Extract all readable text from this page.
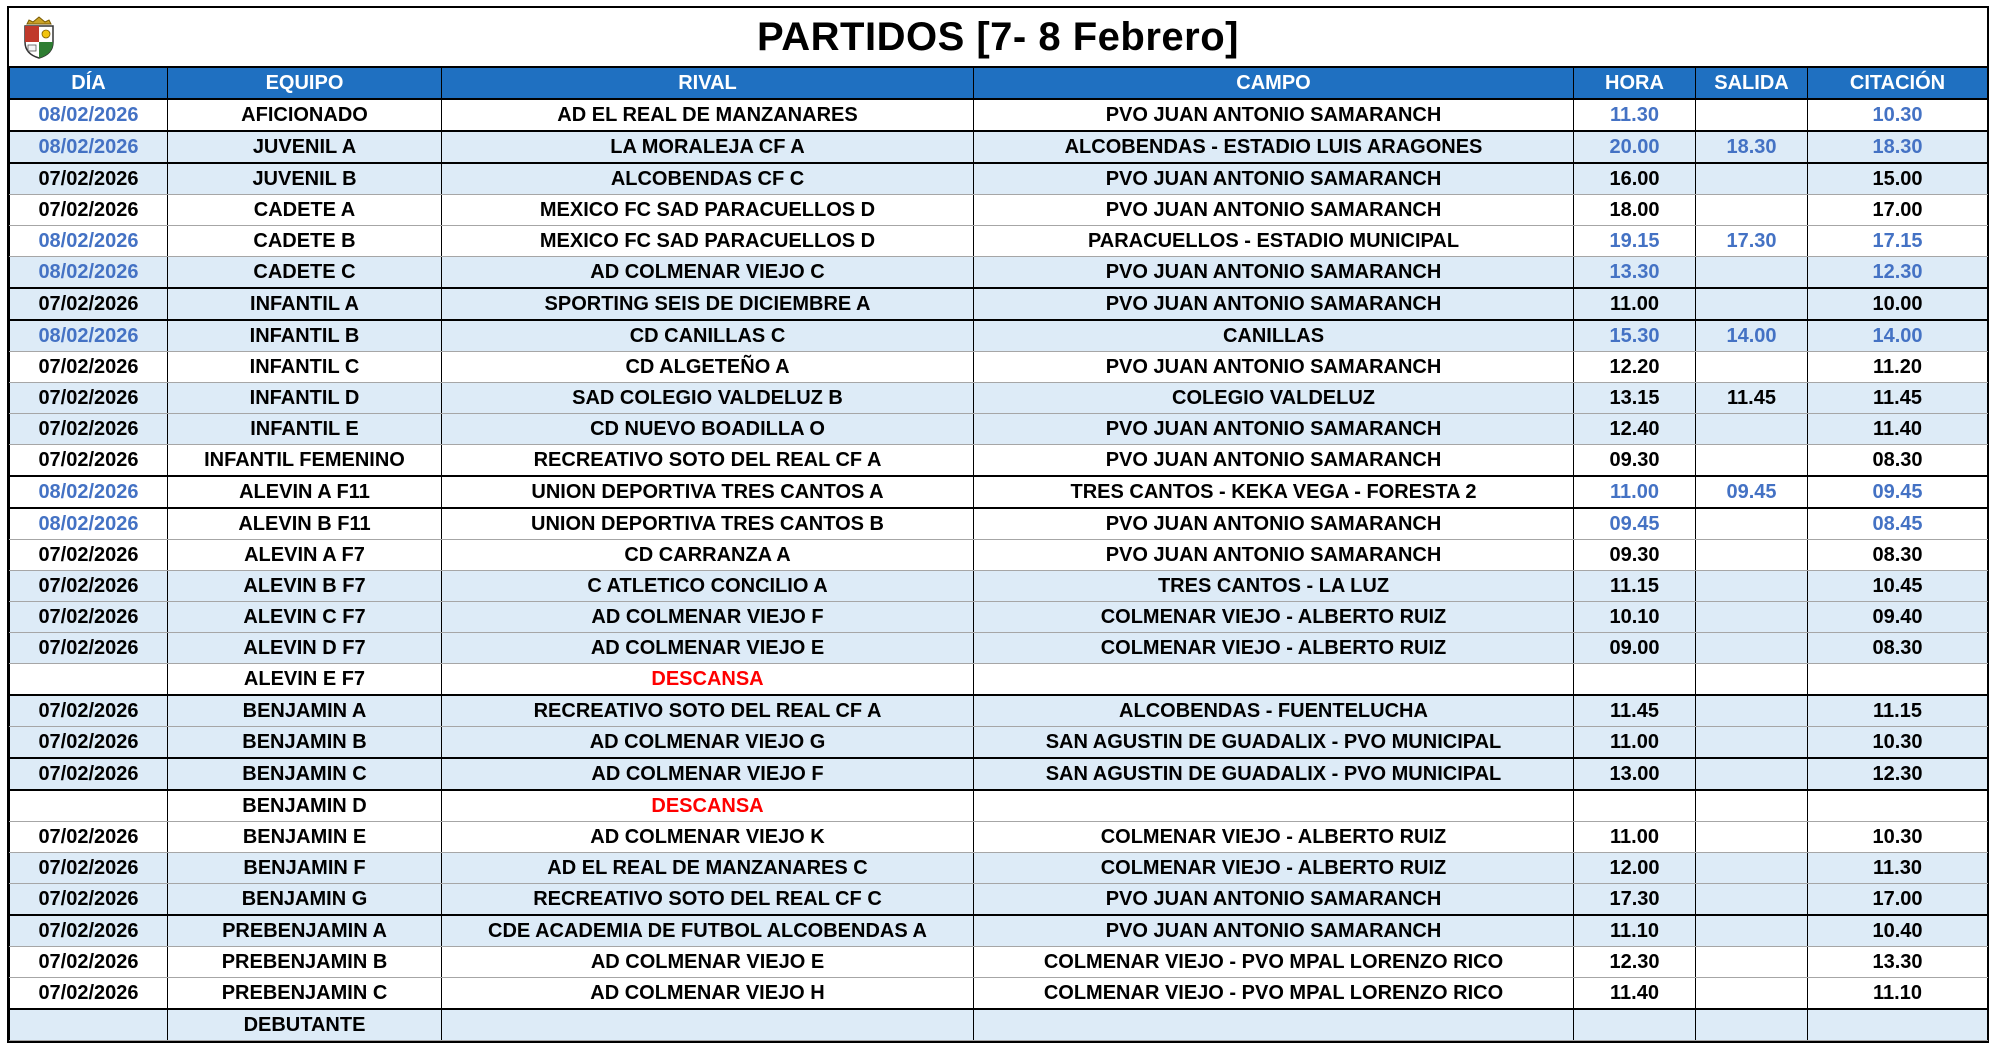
PARTIDOS [7- 8 Febrero]
DÍA	EQUIPO	RIVAL	CAMPO	HORA	SALIDA	CITACIÓN
08/02/2026	AFICIONADO	AD EL REAL DE MANZANARES	PVO JUAN ANTONIO SAMARANCH	11.30		10.30
08/02/2026	JUVENIL A	LA MORALEJA CF A	ALCOBENDAS - ESTADIO LUIS ARAGONES	20.00	18.30	18.30
07/02/2026	JUVENIL B	ALCOBENDAS CF C	PVO JUAN ANTONIO SAMARANCH	16.00		15.00
07/02/2026	CADETE A	MEXICO FC SAD PARACUELLOS D	PVO JUAN ANTONIO SAMARANCH	18.00		17.00
08/02/2026	CADETE B	MEXICO FC SAD PARACUELLOS D	PARACUELLOS - ESTADIO MUNICIPAL	19.15	17.30	17.15
08/02/2026	CADETE C	AD COLMENAR VIEJO C	PVO JUAN ANTONIO SAMARANCH	13.30		12.30
07/02/2026	INFANTIL A	SPORTING SEIS DE DICIEMBRE A	PVO JUAN ANTONIO SAMARANCH	11.00		10.00
08/02/2026	INFANTIL B	CD CANILLAS C	CANILLAS	15.30	14.00	14.00
07/02/2026	INFANTIL C	CD ALGETEÑO A	PVO JUAN ANTONIO SAMARANCH	12.20		11.20
07/02/2026	INFANTIL D	SAD COLEGIO VALDELUZ B	COLEGIO VALDELUZ	13.15	11.45	11.45
07/02/2026	INFANTIL E	CD NUEVO BOADILLA O	PVO JUAN ANTONIO SAMARANCH	12.40		11.40
07/02/2026	INFANTIL FEMENINO	RECREATIVO SOTO DEL REAL CF A	PVO JUAN ANTONIO SAMARANCH	09.30		08.30
08/02/2026	ALEVIN A F11	UNION DEPORTIVA TRES CANTOS A	TRES CANTOS - KEKA VEGA - FORESTA 2	11.00	09.45	09.45
08/02/2026	ALEVIN B F11	UNION DEPORTIVA TRES CANTOS B	PVO JUAN ANTONIO SAMARANCH	09.45		08.45
07/02/2026	ALEVIN A F7	CD CARRANZA A	PVO JUAN ANTONIO SAMARANCH	09.30		08.30
07/02/2026	ALEVIN B F7	C ATLETICO CONCILIO A	TRES CANTOS - LA LUZ	11.15		10.45
07/02/2026	ALEVIN C F7	AD COLMENAR VIEJO F	COLMENAR VIEJO - ALBERTO RUIZ	10.10		09.40
07/02/2026	ALEVIN D F7	AD COLMENAR VIEJO E	COLMENAR VIEJO - ALBERTO RUIZ	09.00		08.30
	ALEVIN E F7	DESCANSA				
07/02/2026	BENJAMIN A	RECREATIVO SOTO DEL REAL CF A	ALCOBENDAS - FUENTELUCHA	11.45		11.15
07/02/2026	BENJAMIN B	AD COLMENAR VIEJO G	SAN AGUSTIN DE GUADALIX - PVO MUNICIPAL	11.00		10.30
07/02/2026	BENJAMIN C	AD COLMENAR VIEJO F	SAN AGUSTIN DE GUADALIX - PVO MUNICIPAL	13.00		12.30
	BENJAMIN D	DESCANSA				
07/02/2026	BENJAMIN E	AD COLMENAR VIEJO K	COLMENAR VIEJO - ALBERTO RUIZ	11.00		10.30
07/02/2026	BENJAMIN F	AD EL REAL DE MANZANARES C	COLMENAR VIEJO - ALBERTO RUIZ	12.00		11.30
07/02/2026	BENJAMIN G	RECREATIVO SOTO DEL REAL CF C	PVO JUAN ANTONIO SAMARANCH	17.30		17.00
07/02/2026	PREBENJAMIN A	CDE ACADEMIA DE FUTBOL ALCOBENDAS A	PVO JUAN ANTONIO SAMARANCH	11.10		10.40
07/02/2026	PREBENJAMIN B	AD COLMENAR VIEJO E	COLMENAR VIEJO - PVO MPAL LORENZO RICO	12.30		13.30
07/02/2026	PREBENJAMIN C	AD COLMENAR VIEJO H	COLMENAR VIEJO - PVO MPAL LORENZO RICO	11.40		11.10
	DEBUTANTE					
